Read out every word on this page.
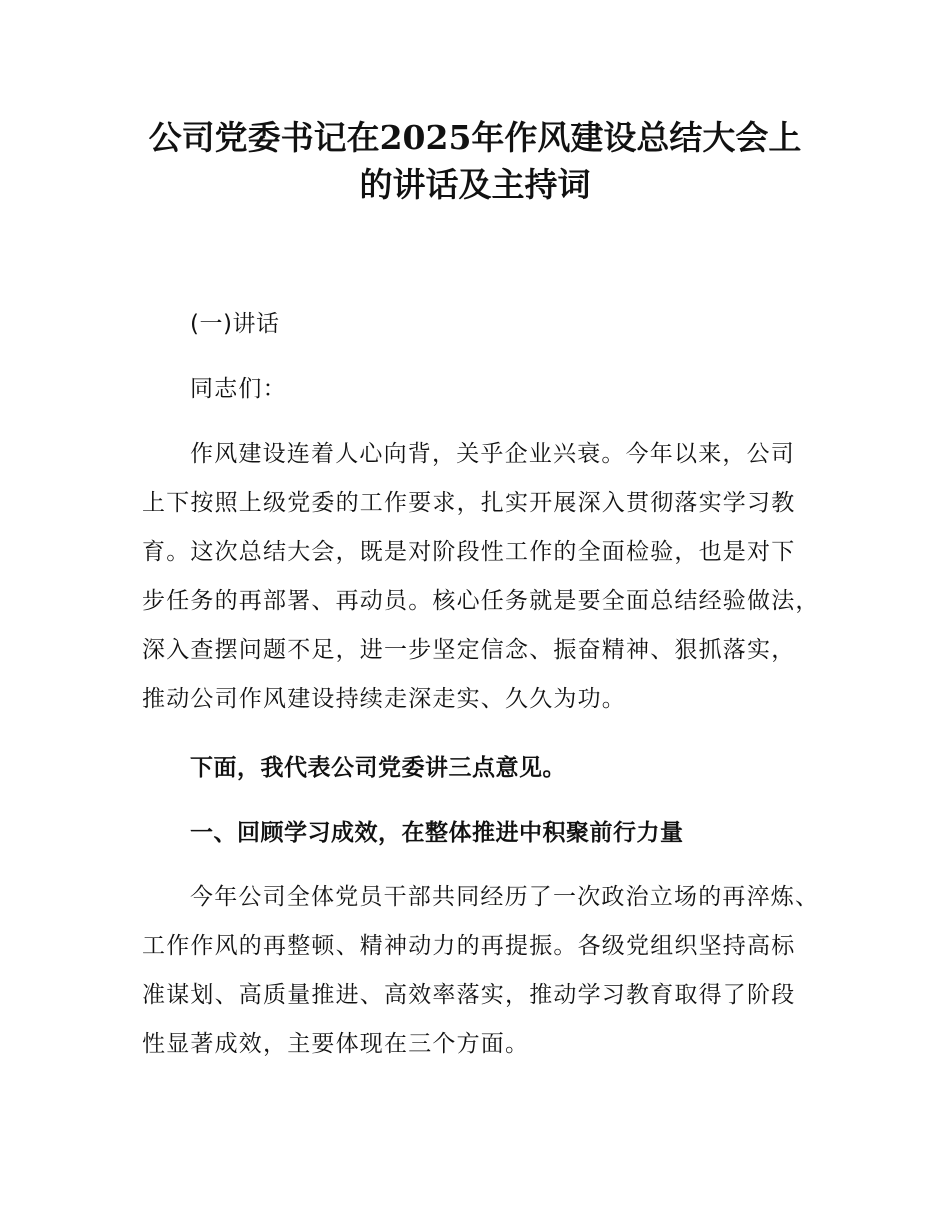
公司党委书记在2025年作风建设总结大会上
的讲话及主持词
(一)讲话
同志们：
作风建设连着人心向背，关乎企业兴衰。今年以来，公司
上下按照上级党委的工作要求，扎实开展深入贯彻落实学习教
育。这次总结大会，既是对阶段性工作的全面检验，也是对下
步任务的再部署、再动员。核心任务就是要全面总结经验做法，
深入查摆问题不足，进一步坚定信念、振奋精神、狠抓落实，
推动公司作风建设持续走深走实、久久为功。
下面，我代表公司党委讲三点意见。
一、回顾学习成效，在整体推进中积聚前行力量
今年公司全体党员干部共同经历了一次政治立场的再淬炼、
工作作风的再整顿、精神动力的再提振。各级党组织坚持高标
准谋划、高质量推进、高效率落实，推动学习教育取得了阶段
性显著成效，主要体现在三个方面。
